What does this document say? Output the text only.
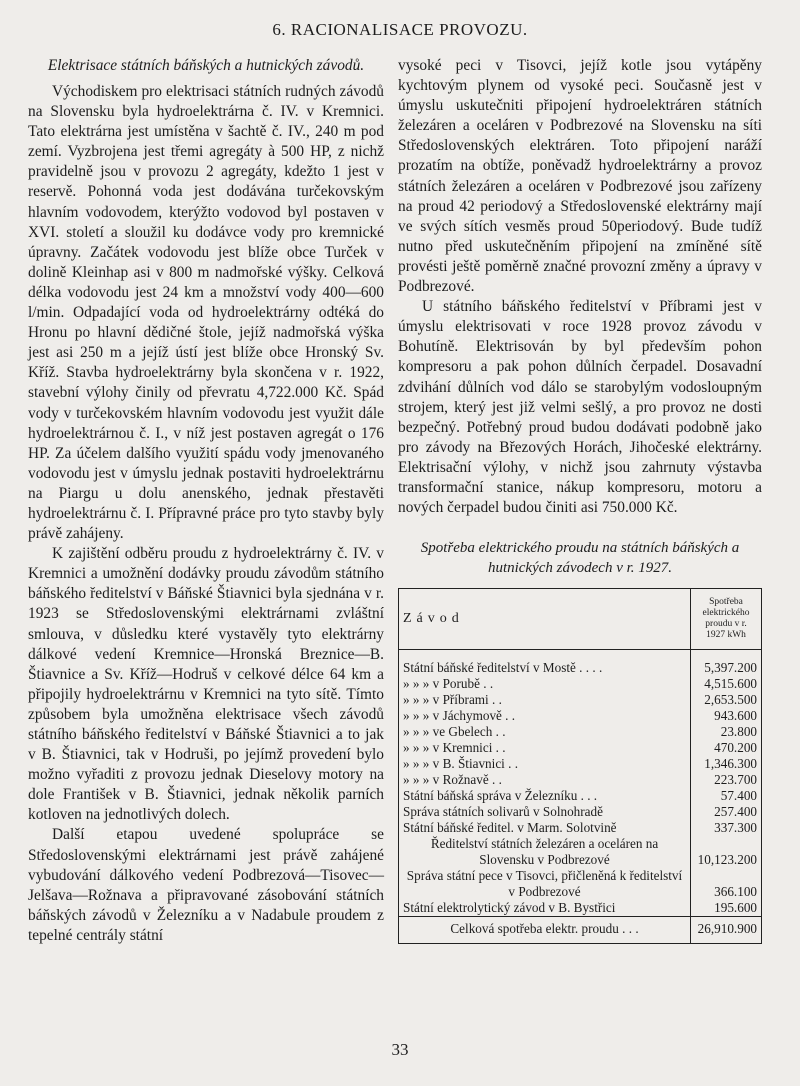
6. RACIONALISACE PROVOZU.
Elektrisace státních báňských a hutnických závodů.

Východiskem pro elektrisaci státních rudných závodů na Slovensku byla hydroelektrárna č. IV. v Kremnici. Tato elektrárna jest umístěna v šachtě č. IV., 240 m pod zemí. Vyzbrojena jest třemi agregáty à 500 HP, z nichž pravidelně jsou v provozu 2 agregáty, kdežto 1 jest v reservě. Pohonná voda jest dodávána turčekovským hlavním vodovodem, kterýžto vodovod byl postaven v XVI. století a sloužil ku dodávce vody pro kremnické úpravny. Začátek vodovodu jest blíže obce Turček v dolině Kleinhap asi v 800 m nadmořské výšky. Celková délka vodovodu jest 24 km a množství vody 400—600 l/min. Odpadající voda od hydroelektrárny odtéká do Hronu po hlavní dědičné štole, jejíž nadmořská výška jest asi 250 m a jejíž ústí jest blíže obce Hronský Sv. Kříž. Stavba hydroelektrárny byla skončena v r. 1922, stavební výlohy činily od převratu 4,722.000 Kč. Spád vody v turčekovském hlavním vodovodu jest využit dále hydroelektrárnou č. I., v níž jest postaven agregát o 176 HP. Za účelem dalšího využití spádu vody jmenovaného vodovodu jest v úmyslu jednak postaviti hydroelektrárnu na Piargu u dolu anenského, jednak přestavěti hydroelektrárnu č. I. Přípravné práce pro tyto stavby byly právě zahájeny.

K zajištění odběru proudu z hydroelektrárny č. IV. v Kremnici a umožnění dodávky proudu závodům státního báňského ředitelství v Báňské Štiavnici byla sjednána v r. 1923 se Středoslovenskými elektrárnami zvláštní smlouva, v důsledku které vystavěly tyto elektrárny dálkové vedení Kremnice—Hronská Breznice—B. Štiavnice a Sv. Kříž—Hodruš v celkové délce 64 km a připojily hydroelektrárnu v Kremnici na tyto sítě. Tímto způsobem byla umožněna elektrisace všech závodů státního báňského ředitelství v Báňské Štiavnici a to jak v B. Štiavnici, tak v Hodruši, po jejímž provedení bylo možno vyřaditi z provozu jednak Dieselovy motory na dole František v B. Štiavnici, jednak několik parních kotloven na jednotlivých dolech.

Další etapou uvedené spolupráce se Středoslovenskými elektrárnami jest právě zahájené vybudování dálkového vedení Podbrezová—Tisovec—Jelšava—Rožnava a připravované zásobování státních báňských závodů v Železníku a v Nadabule proudem z tepelné centrály státní

vysoké peci v Tisovci, jejíž kotle jsou vytápěny kychtovým plynem od vysoké peci. Současně jest v úmyslu uskutečniti připojení hydroelektráren státních železáren a oceláren v Podbrezové na Slovensku na síti Středoslovenských elektráren. Toto připojení naráží prozatím na obtíže, poněvadž hydroelektrárny a provoz státních železáren a oceláren v Podbrezové jsou zařízeny na proud 42 periodový a Středoslovenské elektrárny mají ve svých sítích vesměs proud 50periodový. Bude tudíž nutno před uskutečněním připojení na zmíněné sítě provésti ještě poměrně značné provozní změny a úpravy v Podbrezové.

U státního báňského ředitelství v Příbrami jest v úmyslu elektrisovati v roce 1928 provoz závodu v Bohutíně. Elektrisován by byl především pohon kompresoru a pak pohon důlních čerpadel. Dosavadní zdvihání důlních vod dálo se starobylým vodosloupným strojem, který jest již velmi sešlý, a pro provoz ne dosti bezpečný. Potřebný proud budou dodávati podobně jako pro závody na Březových Horách, Jihočeské elektrárny. Elektrisační výlohy, v nichž jsou zahrnuty výstavba transformační stanice, nákup kompresoru, motoru a nových čerpadel budou činiti asi 750.000 Kč.

Spotřeba elektrického proudu na státních báňských a hutnických závodech v r. 1927.
Závod	Spotřeba elektrického proudu v r. 1927 kWh
Státní báňské ředitelství v Mostě . . . .	5,397.200
» » » v Porubě . .	4,515.600
» » » v Příbrami . .	2,653.500
» » » v Jáchymově . .	943.600
» » » ve Gbelech . .	23.800
» » » v Kremnici . .	470.200
» » » v B. Štiavnici . .	1,346.300
» » » v Rožnavě . .	223.700
Státní báňská správa v Železníku . . .	57.400
Správa státních solivarů v Solnohradě	257.400
Státní báňské ředitel. v Marm. Solotvině	337.300
Ředitelství státních železáren a oceláren na Slovensku v Podbrezové	10,123.200
Správa státní pece v Tisovci, přičleněná k ředitelství v Podbrezové	366.100
Státní elektrolytický závod v B. Bystřici	195.600
Celková spotřeba elektr. proudu . . .	26,910.900
33
